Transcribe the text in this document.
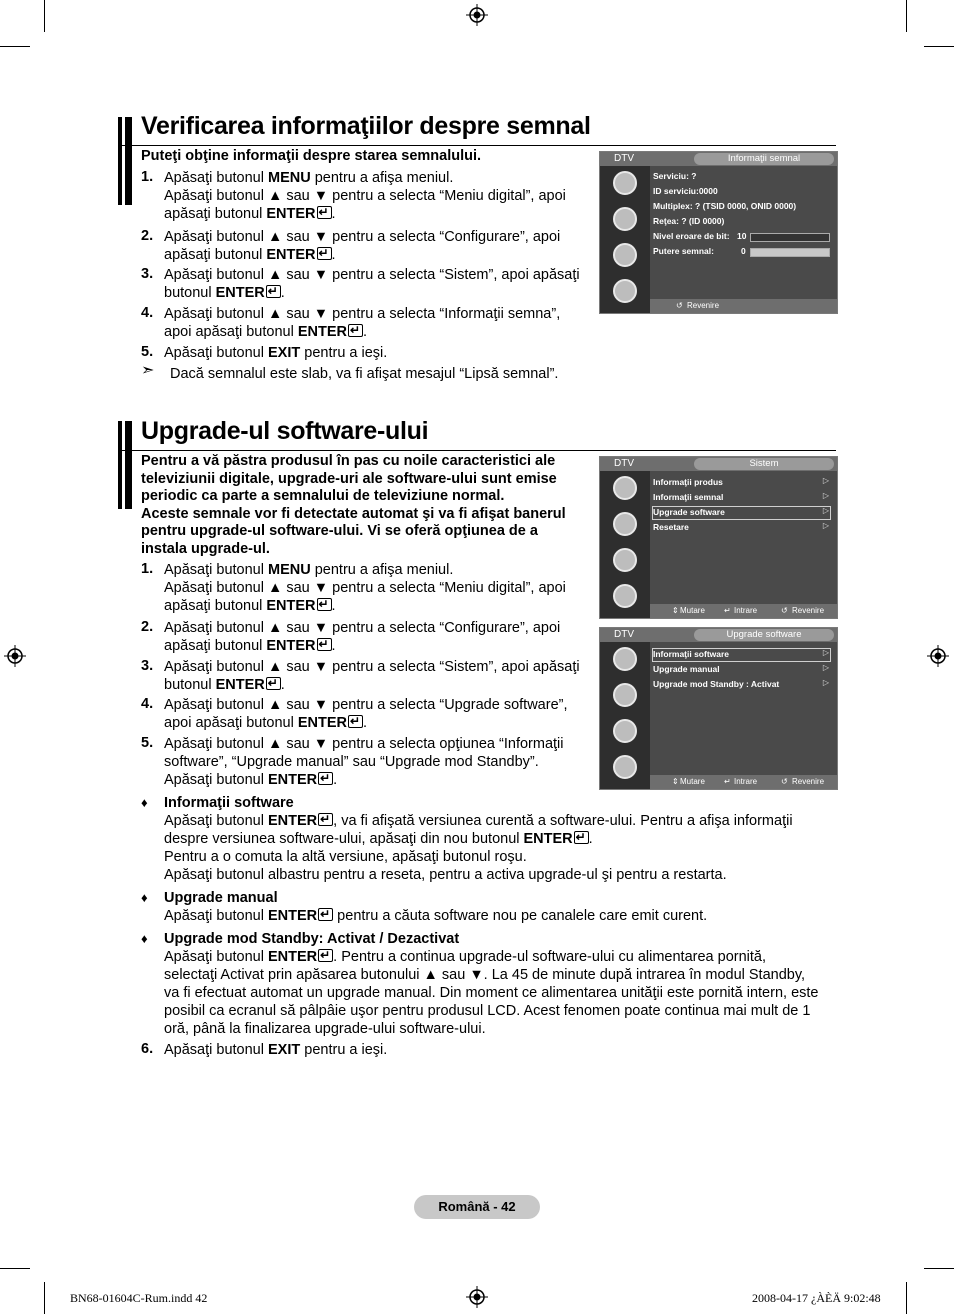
Verificarea informaţiilor despre semnal
Puteţi obţine informaţii despre starea semnalului.
1. Apăsaţi butonul MENU pentru a afişa meniul.
Apăsaţi butonul ▲ sau ▼ pentru a selecta “Meniu digital”, apoi
apăsaţi butonul ENTER .
2. Apăsaţi butonul ▲ sau ▼ pentru a selecta “Configurare”, apoi
apăsaţi butonul ENTER .
3. Apăsaţi butonul ▲ sau ▼ pentru a selecta “Sistem”, apoi apăsaţi
butonul ENTER .
4. Apăsaţi butonul ▲ sau ▼ pentru a selecta “Informaţii semna”,
apoi apăsaţi butonul ENTER .
5. Apăsaţi butonul EXIT pentru a ieşi.
➣ Dacă semnalul este slab, va fi afişat mesajul “Lipsă semnal”.
DTV	Informaţii semnal
Serviciu: ?
ID serviciu:0000
Multiplex: ? (TSID 0000, ONID 0000)
Reţea: ? (ID 0000)
Nivel eroare de bit: 10
Putere semnal:	0
↺ Revenire
Upgrade-ul software-ului
Pentru a vă păstra produsul în pas cu noile caracteristici ale
televiziunii digitale, upgrade-uri ale software-ului sunt emise
periodic ca parte a semnalului de televiziune normal.
Aceste semnale vor fi detectate automat şi va fi afişat banerul
pentru upgrade-ul software-ului. Vi se oferă opţiunea de a
instala upgrade-ul.
1. Apăsaţi butonul MENU pentru a afişa meniul.
Apăsaţi butonul ▲ sau ▼ pentru a selecta “Meniu digital”, apoi
apăsaţi butonul ENTER .
2. Apăsaţi butonul ▲ sau ▼ pentru a selecta “Configurare”, apoi
apăsaţi butonul ENTER .
3. Apăsaţi butonul ▲ sau ▼ pentru a selecta “Sistem”, apoi apăsaţi
butonul ENTER .
4. Apăsaţi butonul ▲ sau ▼ pentru a selecta “Upgrade software”,
apoi apăsaţi butonul ENTER .
5. Apăsaţi butonul ▲ sau ▼ pentru a selecta opţiunea “Informaţii
software”, “Upgrade manual” sau “Upgrade mod Standby”.
Apăsaţi butonul ENTER .
♦ Informaţii software
Apăsaţi butonul ENTER , va fi afişată versiunea curentă a software-ului. Pentru a afişa informaţii
despre versiunea software-ului, apăsaţi din nou butonul ENTER .
Pentru a o comuta la altă versiune, apăsaţi butonul roşu.
Apăsaţi butonul albastru pentru a reseta, pentru a activa upgrade-ul şi pentru a restarta.
♦ Upgrade manual
Apăsaţi butonul ENTER pentru a căuta software nou pe canalele care emit curent.
♦ Upgrade mod Standby: Activat / Dezactivat
Apăsaţi butonul ENTER . Pentru a continua upgrade-ul software-ului cu alimentarea pornită,
selectaţi Activat prin apăsarea butonului ▲ sau ▼. La 45 de minute după intrarea în modul Standby,
va fi efectuat automat un upgrade manual. Din moment ce alimentarea unităţii este pornită intern, este
posibil ca ecranul să pâlpâie uşor pentru produsul LCD. Acest fenomen poate continua mai mult de 1
oră, până la finalizarea upgrade-ului software-ului.
6. Apăsaţi butonul EXIT pentru a ieşi.
DTV	Sistem
Informaţii produs	▷
Informaţii semnal	▷
Upgrade software	▷
Resetare	▷
⇕ Mutare ↵ Intrare	↺ Revenire
DTV	Upgrade software
Informaţii software	▷
Upgrade manual	▷
Upgrade mod Standby : Activat	▷
⇕ Mutare ↵ Intrare	↺ Revenire
Română - 42
BN68-01604C-Rum.indd 42	2008-04-17 ¿ÀÈÄ 9:02:48
